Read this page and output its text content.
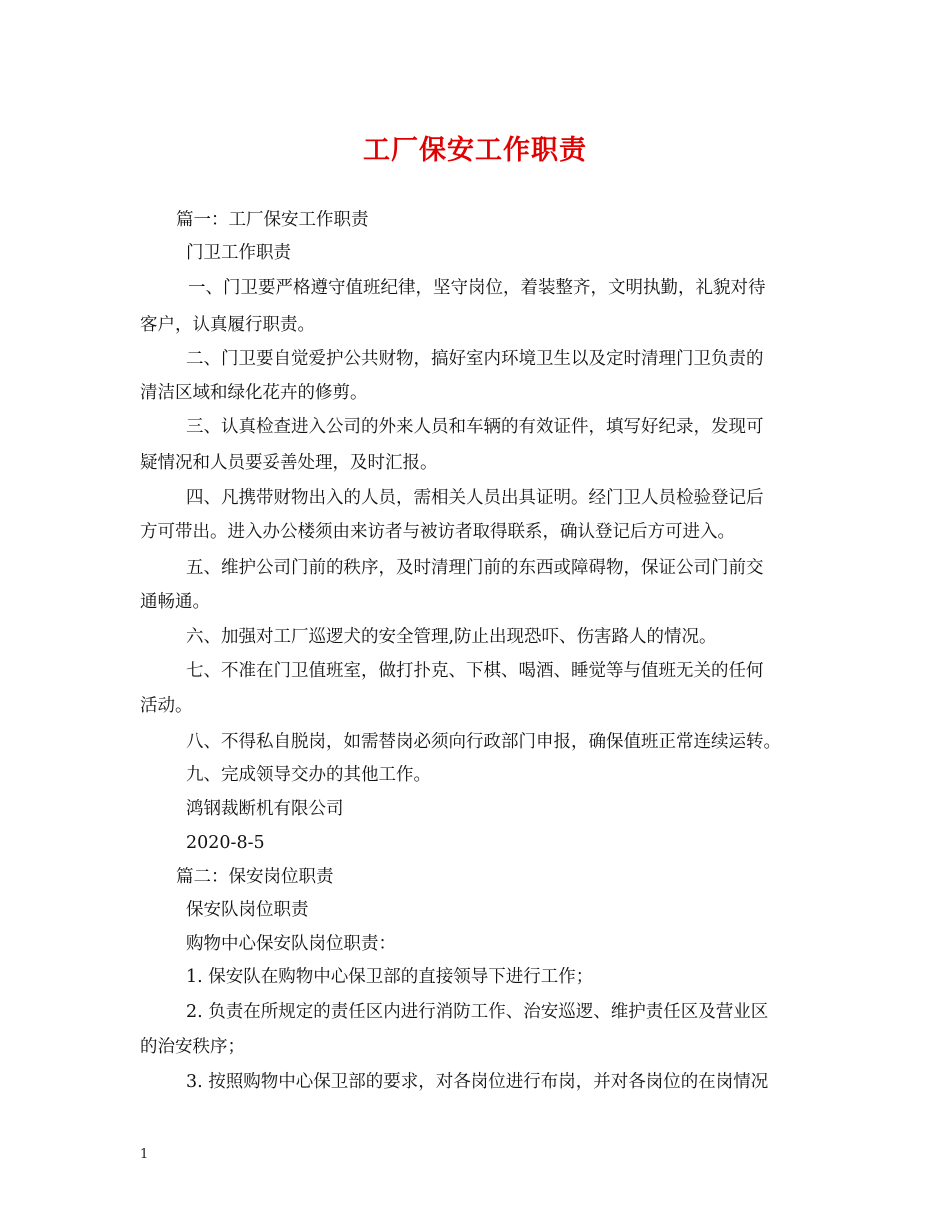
工厂保安工作职责
篇一：工厂保安工作职责
门卫工作职责
一、门卫要严格遵守值班纪律，坚守岗位，着装整齐，文明执勤，礼貌对待
客户，认真履行职责。
二、门卫要自觉爱护公共财物，搞好室内环境卫生以及定时清理门卫负责的
清洁区域和绿化花卉的修剪。
三、认真检查进入公司的外来人员和车辆的有效证件，填写好纪录，发现可
疑情况和人员要妥善处理，及时汇报。
四、凡携带财物出入的人员，需相关人员出具证明。经门卫人员检验登记后
方可带出。进入办公楼须由来访者与被访者取得联系，确认登记后方可进入。
五、维护公司门前的秩序，及时清理门前的东西或障碍物，保证公司门前交
通畅通。
六、加强对工厂巡逻犬的安全管理,防止出现恐吓、伤害路人的情况。
七、不准在门卫值班室，做打扑克、下棋、喝酒、睡觉等与值班无关的任何
活动。
八、不得私自脱岗，如需替岗必须向行政部门申报，确保值班正常连续运转。
九、完成领导交办的其他工作。
鸿钢裁断机有限公司
2020-8-5
篇二：保安岗位职责
保安队岗位职责
购物中心保安队岗位职责：
1. 保安队在购物中心保卫部的直接领导下进行工作；
2. 负责在所规定的责任区内进行消防工作、治安巡逻、维护责任区及营业区
的治安秩序；
3. 按照购物中心保卫部的要求，对各岗位进行布岗，并对各岗位的在岗情况
1
